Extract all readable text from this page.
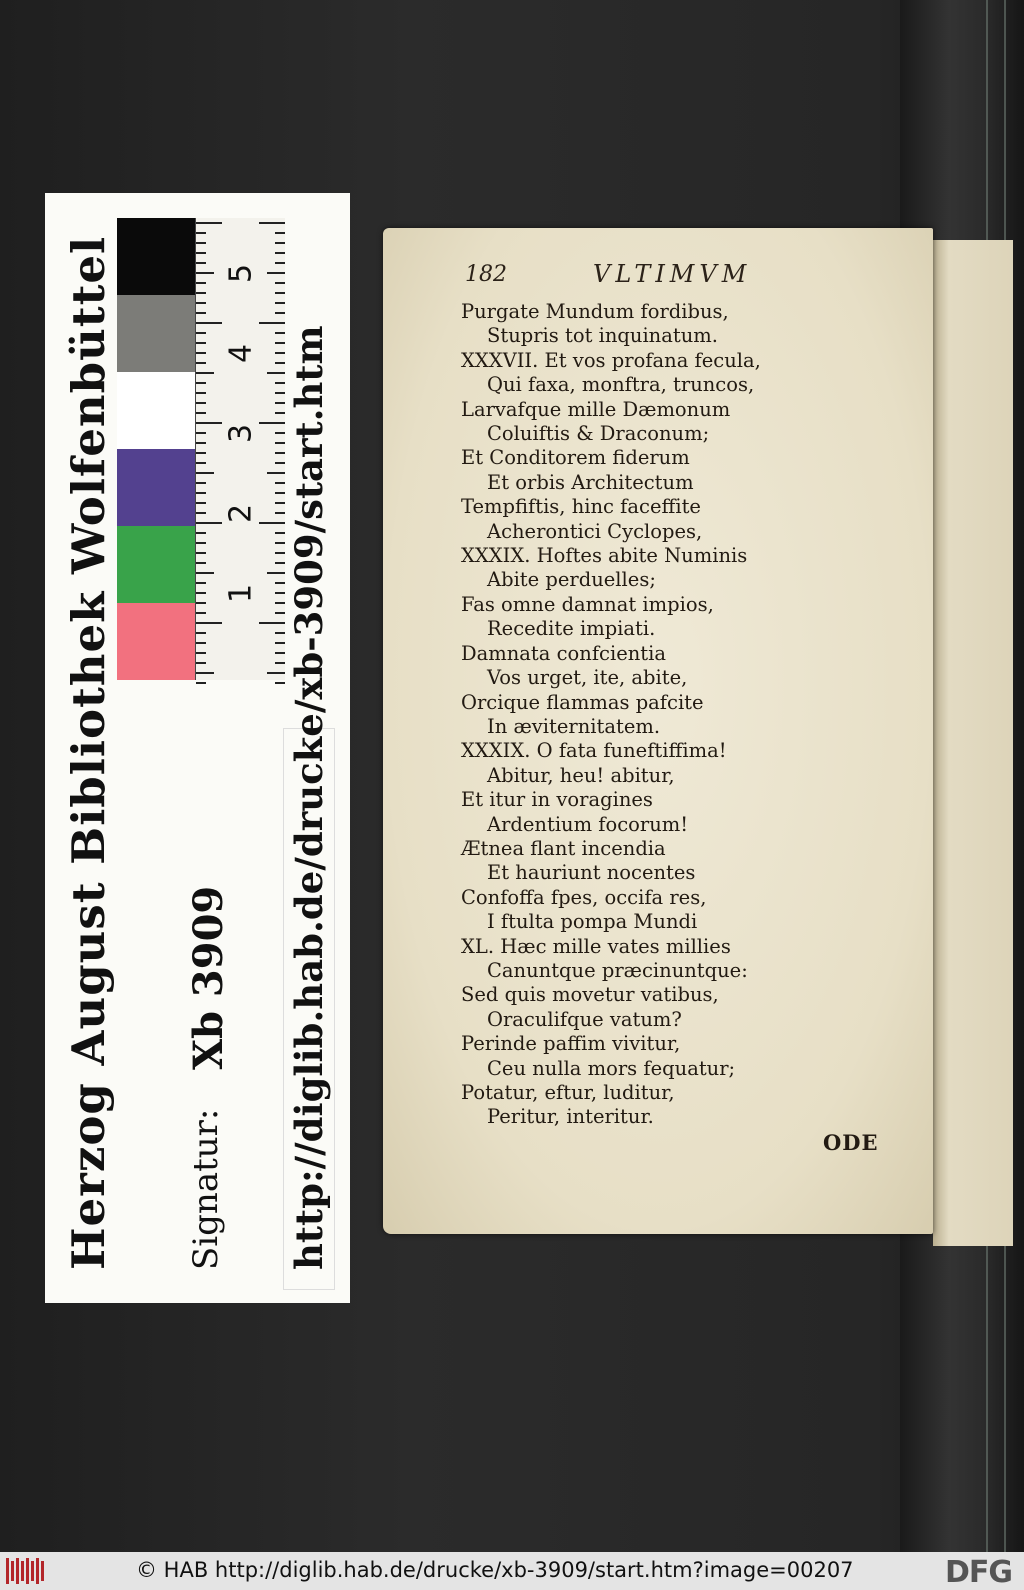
5
4
3
2
1
Herzog August Bibliothek Wolfenbüttel Signatur:
Xb 3909 http://diglib.hab.de/drucke/xb-3909/start.htm
182	VLTIMVM
Purgate Mundum fordibus,
Stupris tot inquinatum.
XXXVII. Et vos profana fecula,
Qui faxa, monftra, truncos,
Larvafque mille Dæmonum
Coluiftis & Draconum;
Et Conditorem fiderum
Et orbis Architectum
Tempfiftis, hinc faceffite
Acherontici Cyclopes,
XXXIX. Hoftes abite Numinis
Abite perduelles;
Fas omne damnat impios,
Recedite impiati.
Damnata confcientia
Vos urget, ite, abite,
Orcique flammas pafcite
In æviternitatem.
XXXIX. O fata funeftiffima!
Abitur, heu! abitur,
Et itur in voragines
Ardentium focorum!
Ætnea flant incendia
Et hauriunt nocentes
Confoffa fpes, occifa res,
I ftulta pompa Mundi
XL. Hæc mille vates millies
Canuntque præcinuntque:
Sed quis movetur vatibus,
Oraculifque vatum?
Perinde paffim vivitur,
Ceu nulla mors fequatur;
Potatur, eftur, luditur,
Peritur, interitur.
ODE
© HAB http://diglib.hab.de/drucke/xb-3909/start.htm?image=00207	DFG
